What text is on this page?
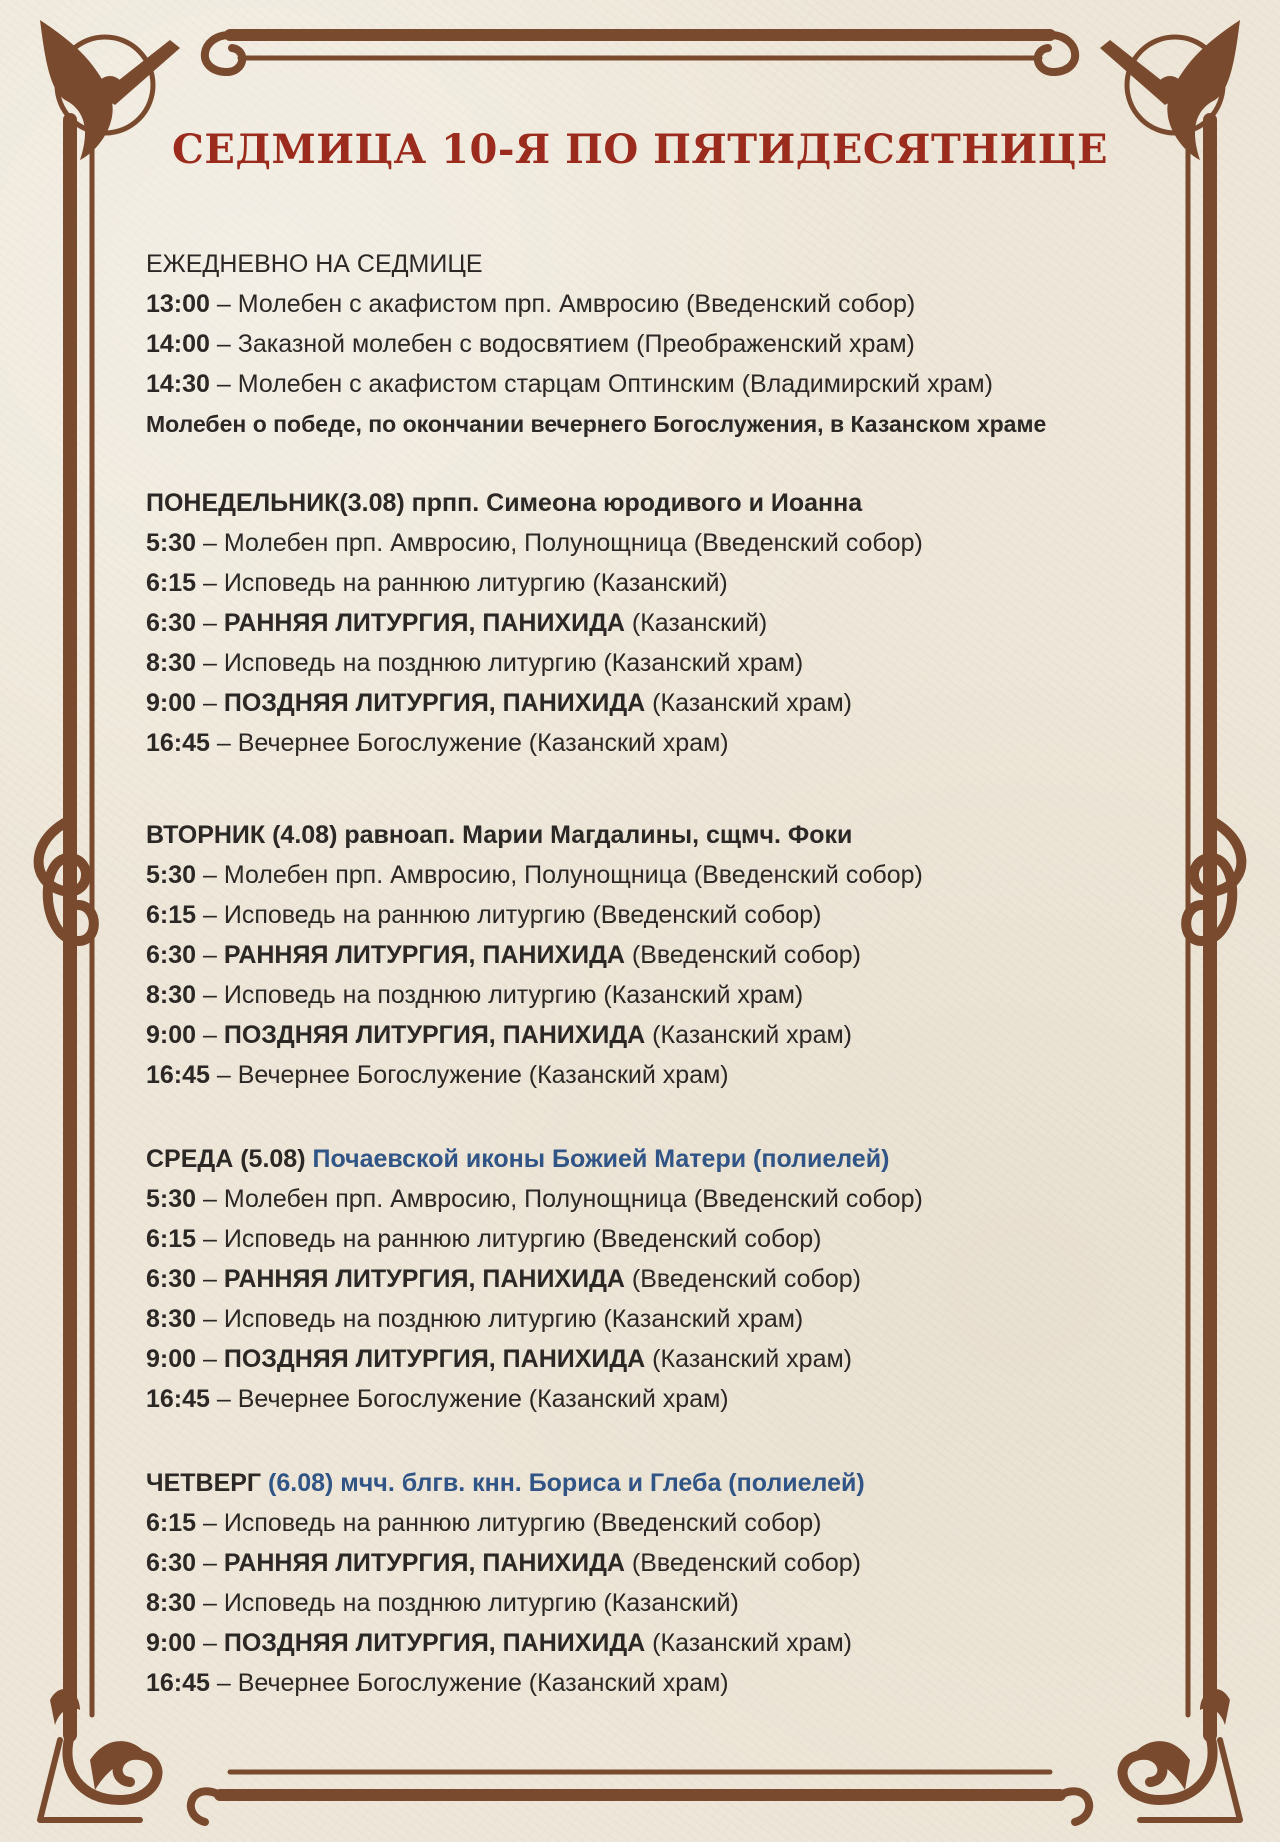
СЕДМИЦА 10-Я ПО ПЯТИДЕСЯТНИЦЕ
ЕЖЕДНЕВНО НА СЕДМИЦЕ
13:00 – Молебен с акафистом прп. Амвросию (Введенский собор)
14:00 – Заказной молебен с водосвятием (Преображенский храм)
14:30 – Молебен с акафистом старцам Оптинским (Владимирский храм)
Молебен о победе, по окончании вечернего Богослужения, в Казанском храме
ПОНЕДЕЛЬНИК(3.08) прпп. Симеона юродивого и Иоанна
5:30 – Молебен прп. Амвросию, Полунощница (Введенский собор)
6:15 – Исповедь на раннюю литургию (Казанский)
6:30 – РАННЯЯ ЛИТУРГИЯ, ПАНИХИДА (Казанский)
8:30 – Исповедь на позднюю литургию (Казанский храм)
9:00 – ПОЗДНЯЯ ЛИТУРГИЯ, ПАНИХИДА (Казанский храм)
16:45 – Вечернее Богослужение (Казанский храм)
ВТОРНИК (4.08) равноап. Марии Магдалины, сщмч. Фоки
5:30 – Молебен прп. Амвросию, Полунощница (Введенский собор)
6:15 – Исповедь на раннюю литургию (Введенский собор)
6:30 – РАННЯЯ ЛИТУРГИЯ, ПАНИХИДА (Введенский собор)
8:30 – Исповедь на позднюю литургию (Казанский храм)
9:00 – ПОЗДНЯЯ ЛИТУРГИЯ, ПАНИХИДА (Казанский храм)
16:45 – Вечернее Богослужение (Казанский храм)
СРЕДА (5.08) Почаевской иконы Божией Матери (полиелей)
5:30 – Молебен прп. Амвросию, Полунощница (Введенский собор)
6:15 – Исповедь на раннюю литургию (Введенский собор)
6:30 – РАННЯЯ ЛИТУРГИЯ, ПАНИХИДА (Введенский собор)
8:30 – Исповедь на позднюю литургию (Казанский храм)
9:00 – ПОЗДНЯЯ ЛИТУРГИЯ, ПАНИХИДА (Казанский храм)
16:45 – Вечернее Богослужение (Казанский храм)
ЧЕТВЕРГ (6.08) мчч. блгв. кнн. Бориса и Глеба (полиелей)
6:15 – Исповедь на раннюю литургию (Введенский собор)
6:30 – РАННЯЯ ЛИТУРГИЯ, ПАНИХИДА (Введенский собор)
8:30 – Исповедь на позднюю литургию (Казанский)
9:00 – ПОЗДНЯЯ ЛИТУРГИЯ, ПАНИХИДА (Казанский храм)
16:45 – Вечернее Богослужение (Казанский храм)
